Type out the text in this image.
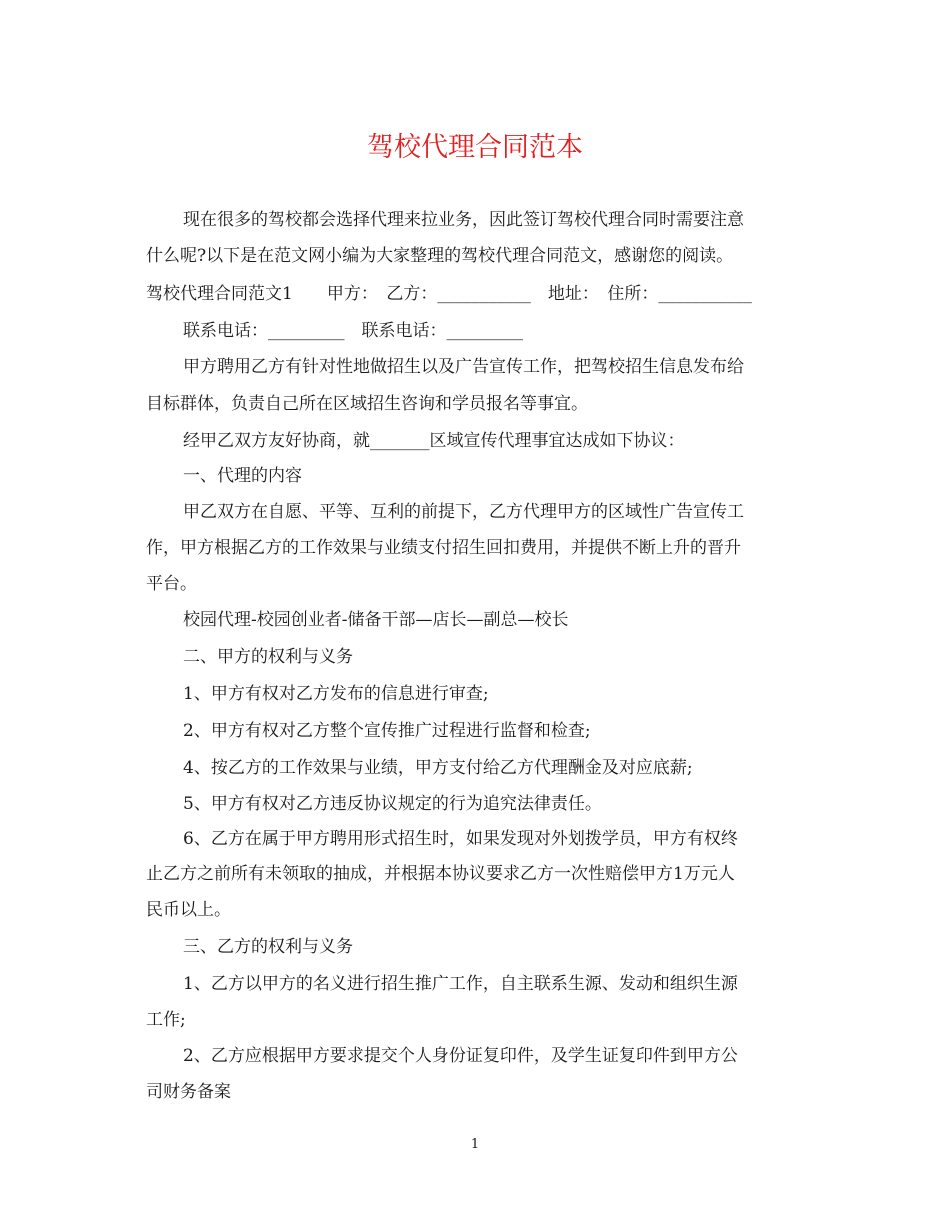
驾校代理合同范本
现在很多的驾校都会选择代理来拉业务，因此签订驾校代理合同时需要注意
什么呢?以下是在范文网小编为大家整理的驾校代理合同范文，感谢您的阅读。
驾校代理合同范文1　　甲方：　乙方：___________　地址：　住所：___________
联系电话：_________　联系电话：_________
甲方聘用乙方有针对性地做招生以及广告宣传工作，把驾校招生信息发布给
目标群体，负责自己所在区域招生咨询和学员报名等事宜。
经甲乙双方友好协商，就_______区域宣传代理事宜达成如下协议：
一、代理的内容
甲乙双方在自愿、平等、互利的前提下，乙方代理甲方的区域性广告宣传工
作，甲方根据乙方的工作效果与业绩支付招生回扣费用，并提供不断上升的晋升
平台。
校园代理-校园创业者-储备干部—店长—副总—校长
二、甲方的权利与义务
1、甲方有权对乙方发布的信息进行审查;
2、甲方有权对乙方整个宣传推广过程进行监督和检查;
4、按乙方的工作效果与业绩，甲方支付给乙方代理酬金及对应底薪;
5、甲方有权对乙方违反协议规定的行为追究法律责任。
6、乙方在属于甲方聘用形式招生时，如果发现对外划拨学员，甲方有权终
止乙方之前所有未领取的抽成，并根据本协议要求乙方一次性赔偿甲方1万元人
民币以上。
三、乙方的权利与义务
1、乙方以甲方的名义进行招生推广工作，自主联系生源、发动和组织生源
工作;
2、乙方应根据甲方要求提交个人身份证复印件，及学生证复印件到甲方公
司财务备案
1
